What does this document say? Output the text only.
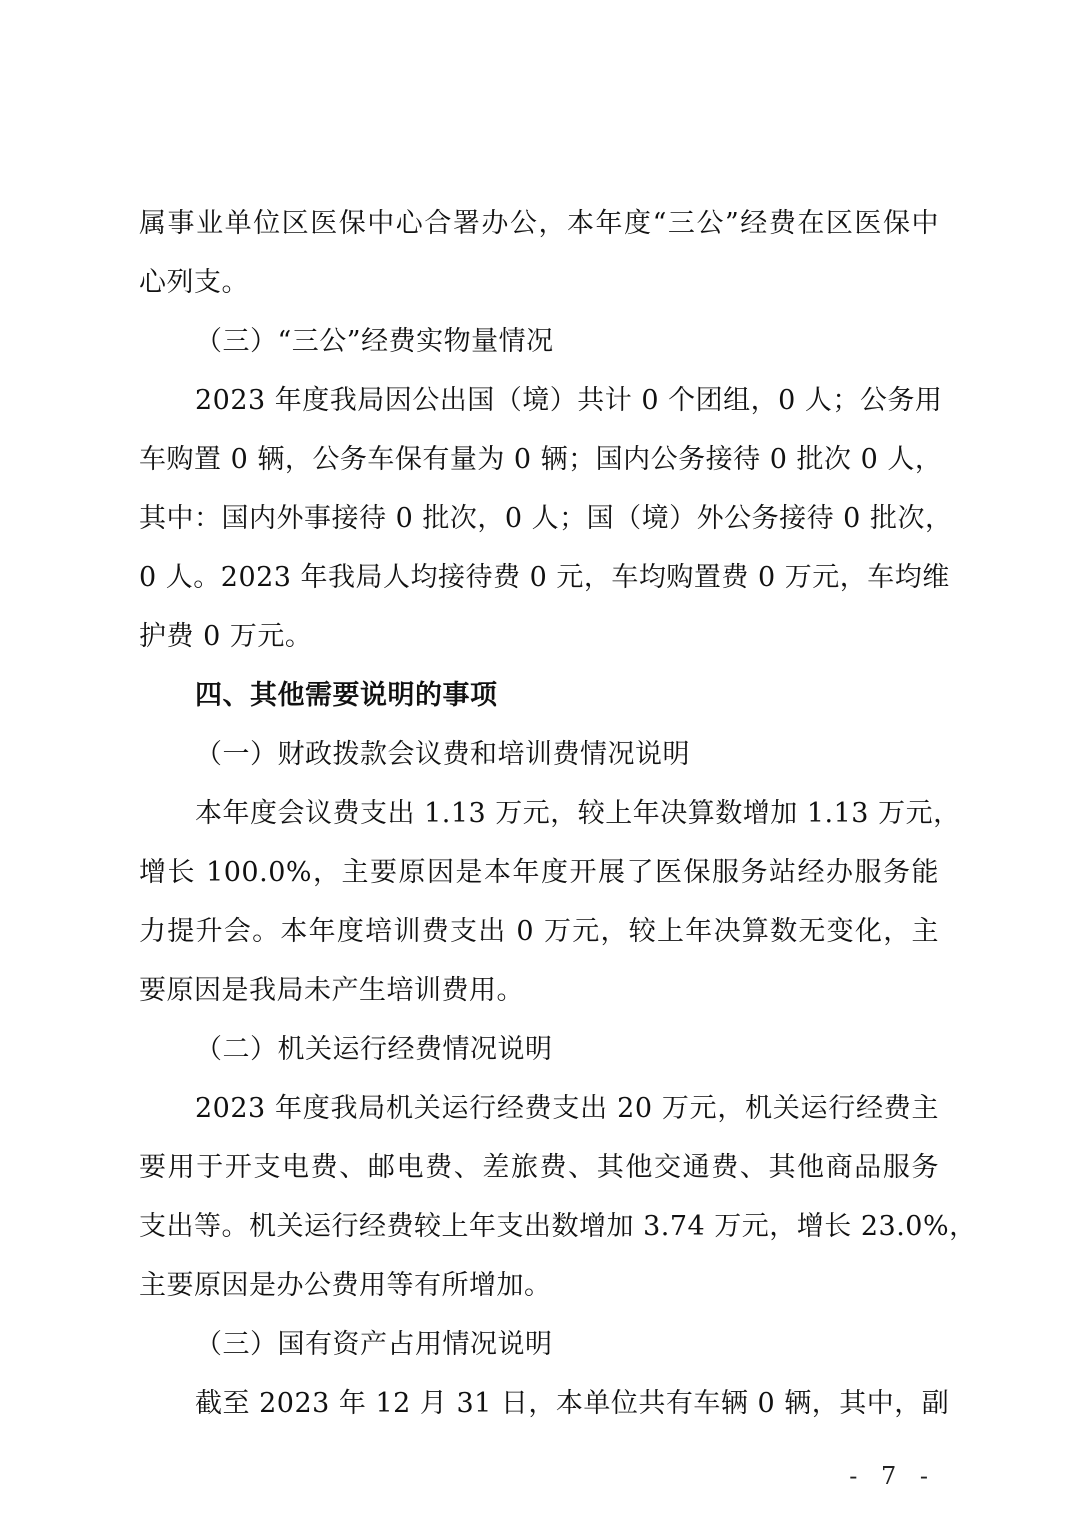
属事业单位区医保中心合署办公，本年度“三公”经费在区医保中
心列支。
（三）“三公”经费实物量情况
2023 年度我局因公出国（境）共计 0 个团组，0 人；公务用
车购置 0 辆，公务车保有量为 0 辆；国内公务接待 0 批次 0 人，
其中：国内外事接待 0 批次，0 人；国（境）外公务接待 0 批次，
0 人。2023 年我局人均接待费 0 元，车均购置费 0 万元，车均维
护费 0 万元。
四、其他需要说明的事项
（一）财政拨款会议费和培训费情况说明
本年度会议费支出 1.13 万元，较上年决算数增加 1.13 万元，
增长 100.0%，主要原因是本年度开展了医保服务站经办服务能
力提升会。本年度培训费支出 0 万元，较上年决算数无变化，主
要原因是我局未产生培训费用。
（二）机关运行经费情况说明
2023 年度我局机关运行经费支出 20 万元，机关运行经费主
要用于开支电费、邮电费、差旅费、其他交通费、其他商品服务
支出等。机关运行经费较上年支出数增加 3.74 万元，增长 23.0%，
主要原因是办公费用等有所增加。
（三）国有资产占用情况说明
截至 2023 年 12 月 31 日，本单位共有车辆 0 辆，其中，副
- 7 -
